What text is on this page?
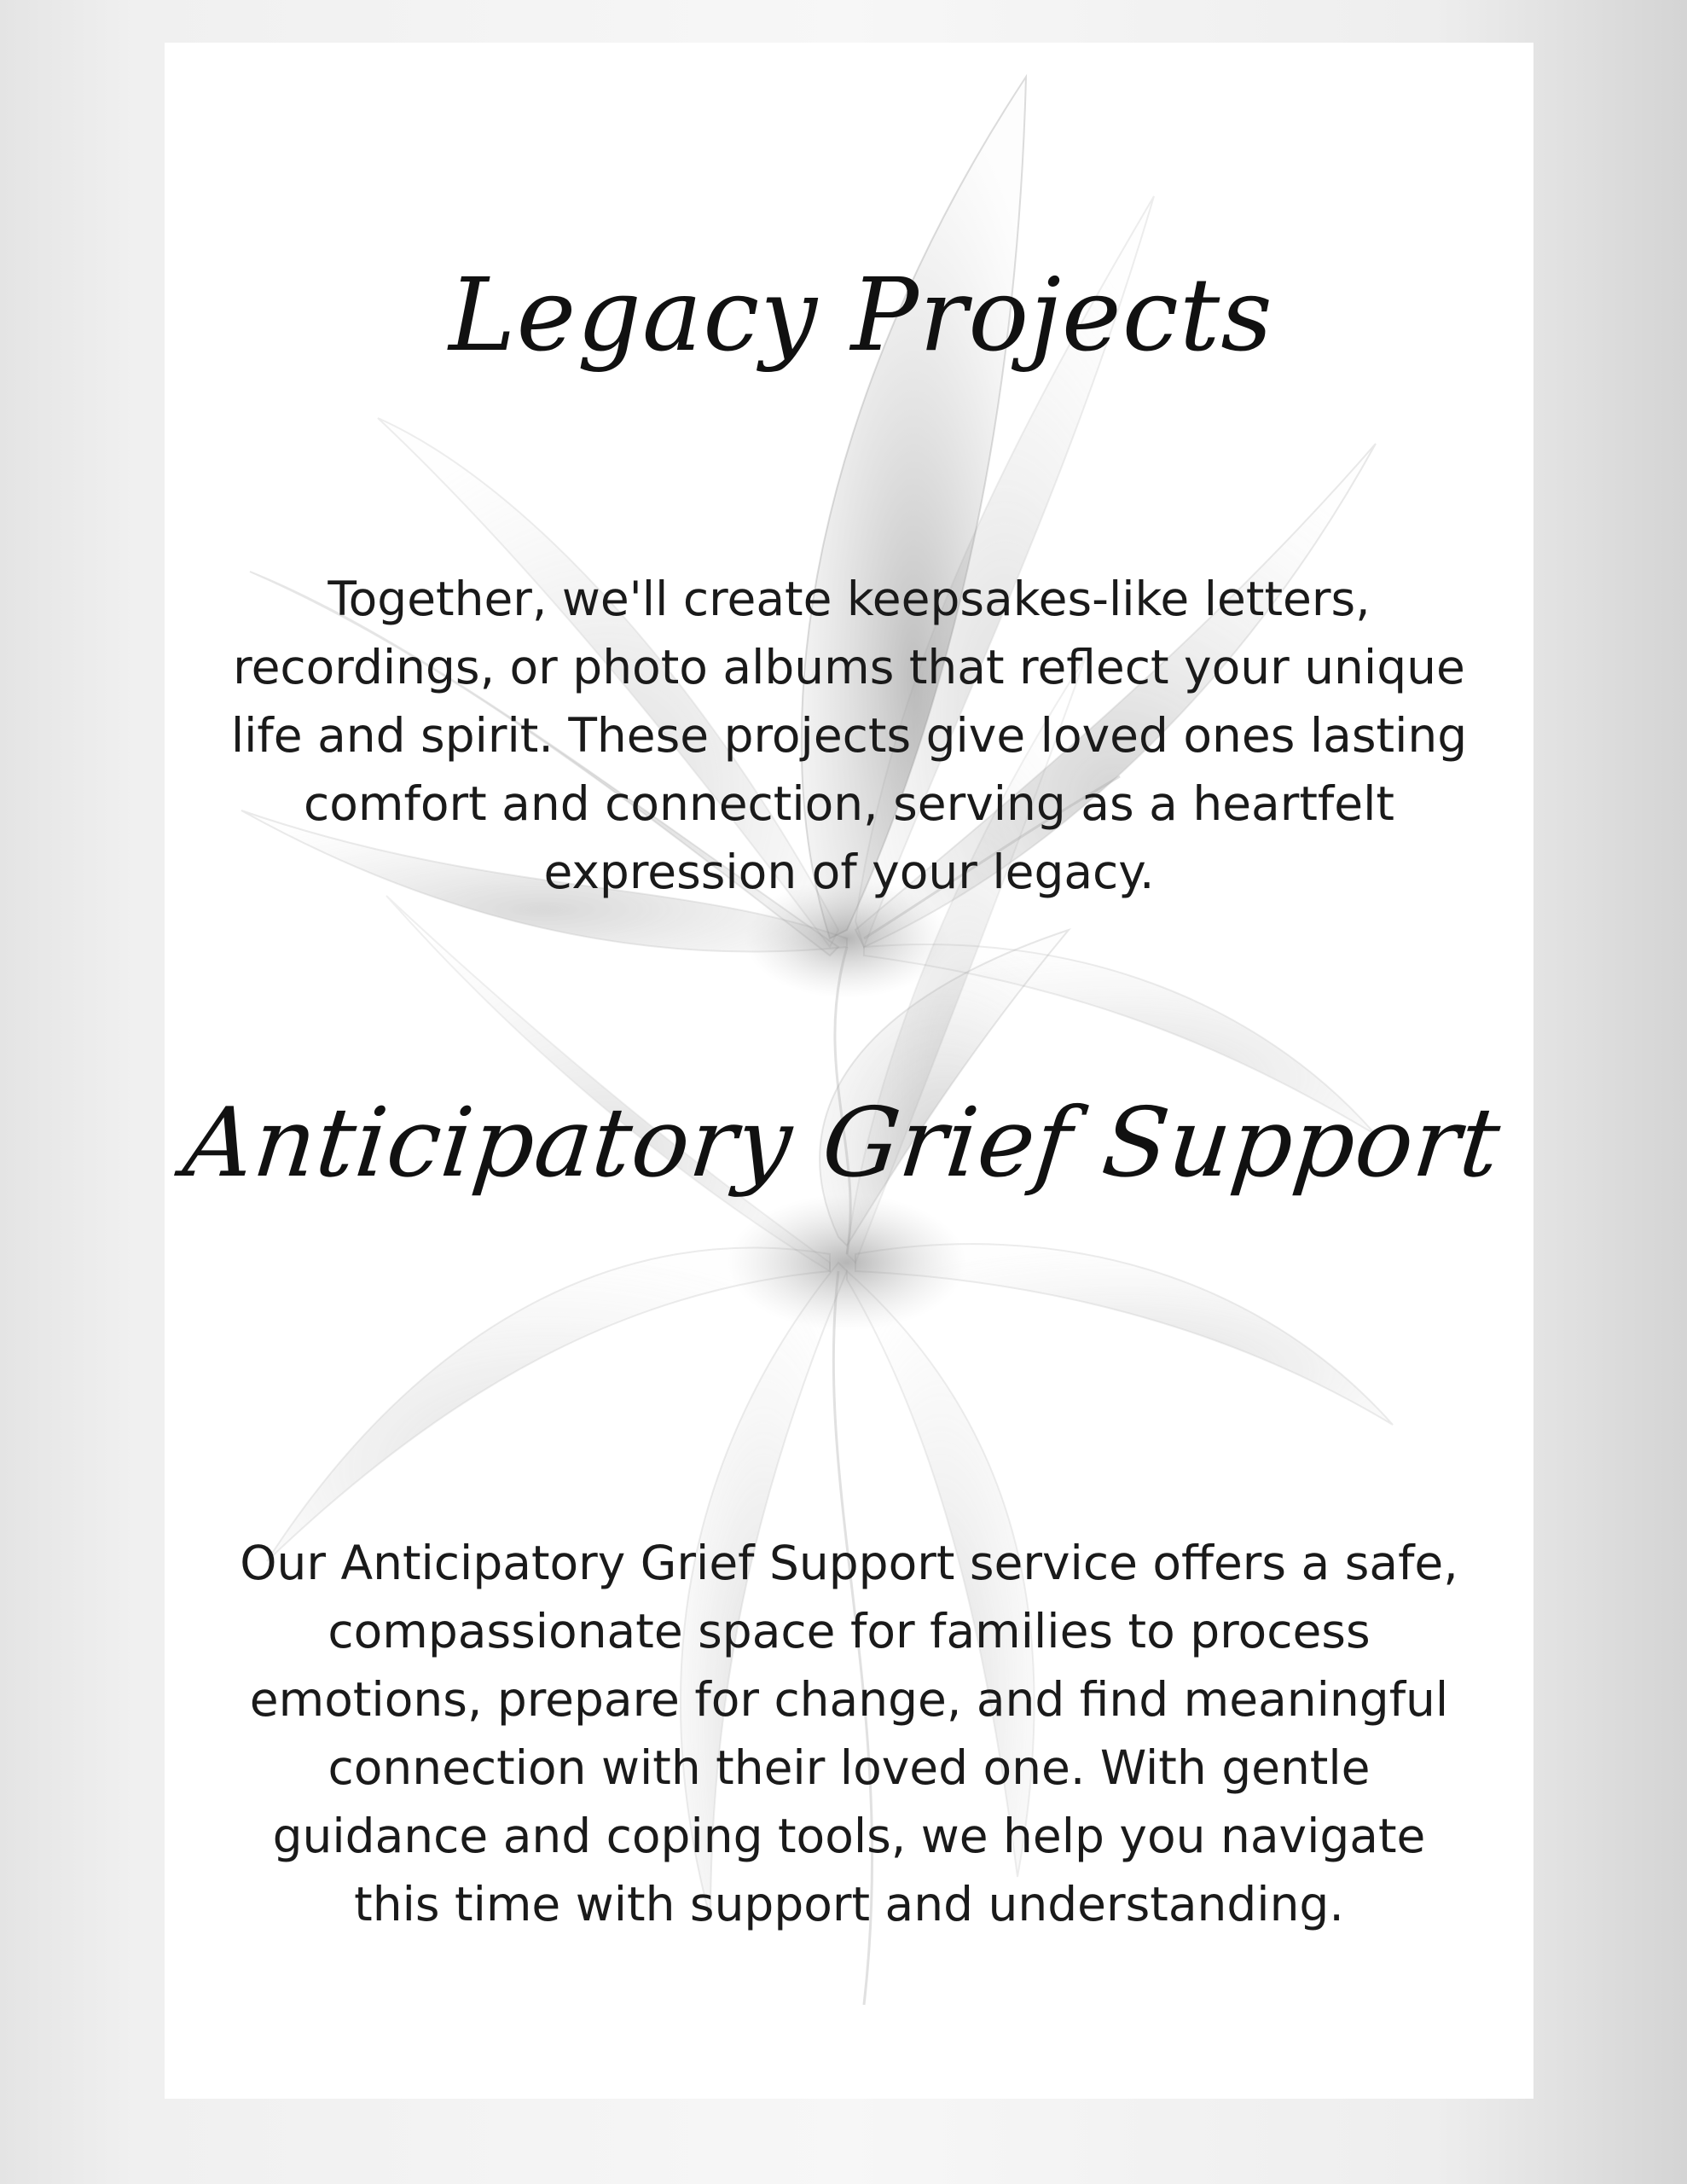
Legacy Projects
Together, we'll create keepsakes-like letters,
recordings, or photo albums that reflect your unique
life and spirit. These projects give loved ones lasting
comfort and connection, serving as a heartfelt
expression of your legacy.
Anticipatory Grief Support
Our Anticipatory Grief Support service offers a safe,
compassionate space for families to process
emotions, prepare for change, and find meaningful
connection with their loved one. With gentle
guidance and coping tools, we help you navigate
this time with support and understanding.
